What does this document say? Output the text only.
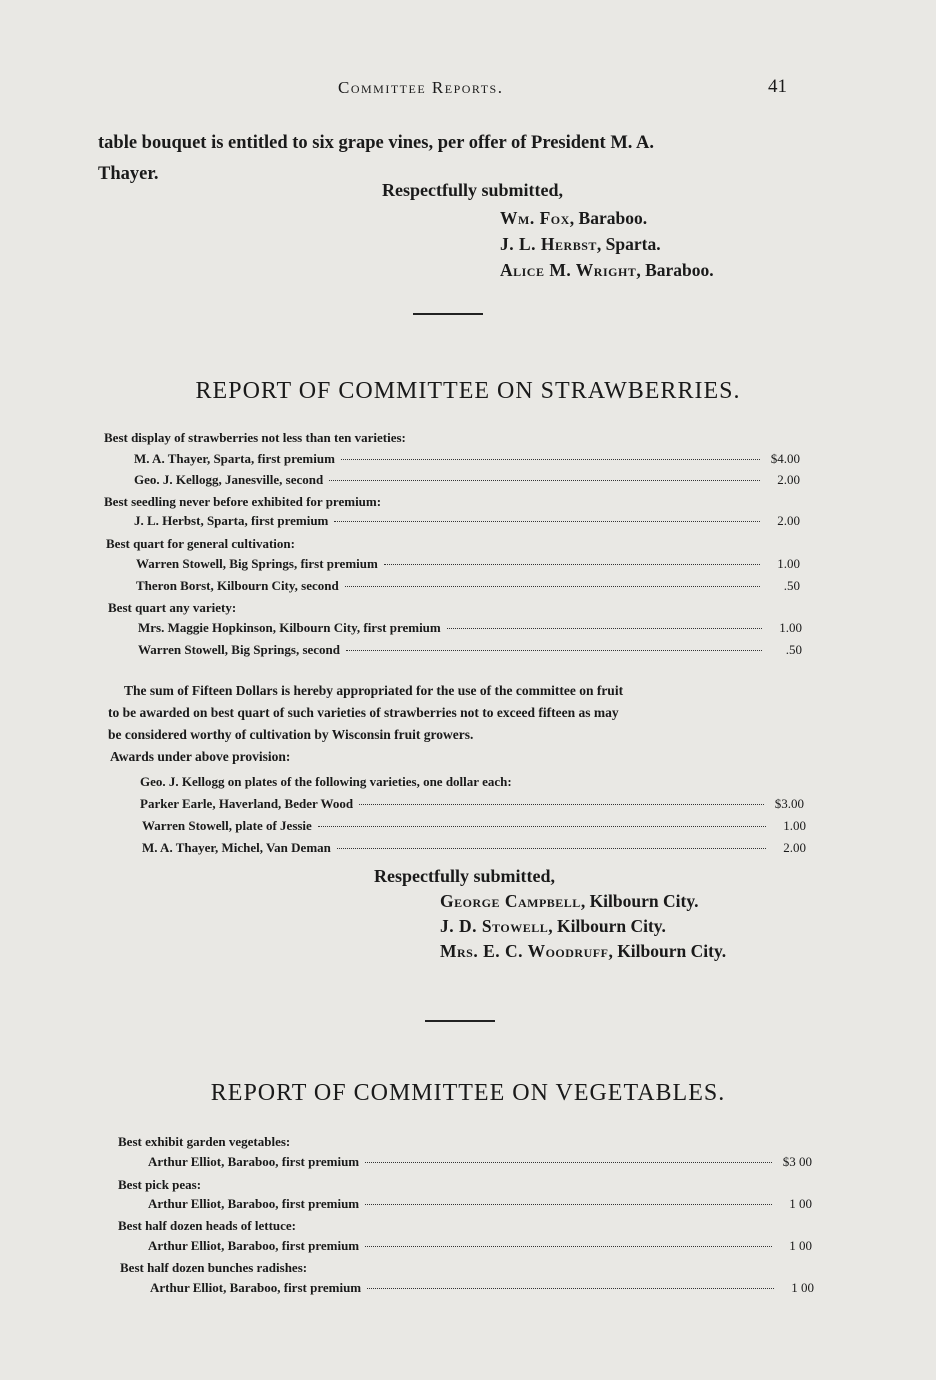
Committee Reports.	41
table bouquet is entitled to six grape vines, per offer of President M. A.
Thayer.
Respectfully submitted,
Wm. Fox, Baraboo.
J. L. Herbst, Sparta.
Alice M. Wright, Baraboo.
REPORT OF COMMITTEE ON STRAWBERRIES.
Best display of strawberries not less than ten varieties:
M. A. Thayer, Sparta, first premium	$4.00
Geo. J. Kellogg, Janesville, second	2.00
Best seedling never before exhibited for premium:
J. L. Herbst, Sparta, first premium	2.00
Best quart for general cultivation:
Warren Stowell, Big Springs, first premium	1.00
Theron Borst, Kilbourn City, second	.50
Best quart any variety:
Mrs. Maggie Hopkinson, Kilbourn City, first premium	1.00
Warren Stowell, Big Springs, second	.50
The sum of Fifteen Dollars is hereby appropriated for the use of the committee on fruit
to be awarded on best quart of such varieties of strawberries not to exceed fifteen as may
be considered worthy of cultivation by Wisconsin fruit growers.
Awards under above provision:
Geo. J. Kellogg on plates of the following varieties, one dollar each:
Parker Earle, Haverland, Beder Wood	$3.00
Warren Stowell, plate of Jessie	1.00
M. A. Thayer, Michel, Van Deman	2.00
Respectfully submitted,
George Campbell, Kilbourn City.
J. D. Stowell, Kilbourn City.
Mrs. E. C. Woodruff, Kilbourn City.
REPORT OF COMMITTEE ON VEGETABLES.
Best exhibit garden vegetables:
Arthur Elliot, Baraboo, first premium	$3 00
Best pick peas:
Arthur Elliot, Baraboo, first premium	1 00
Best half dozen heads of lettuce:
Arthur Elliot, Baraboo, first premium	1 00
Best half dozen bunches radishes:
Arthur Elliot, Baraboo, first premium	1 00
